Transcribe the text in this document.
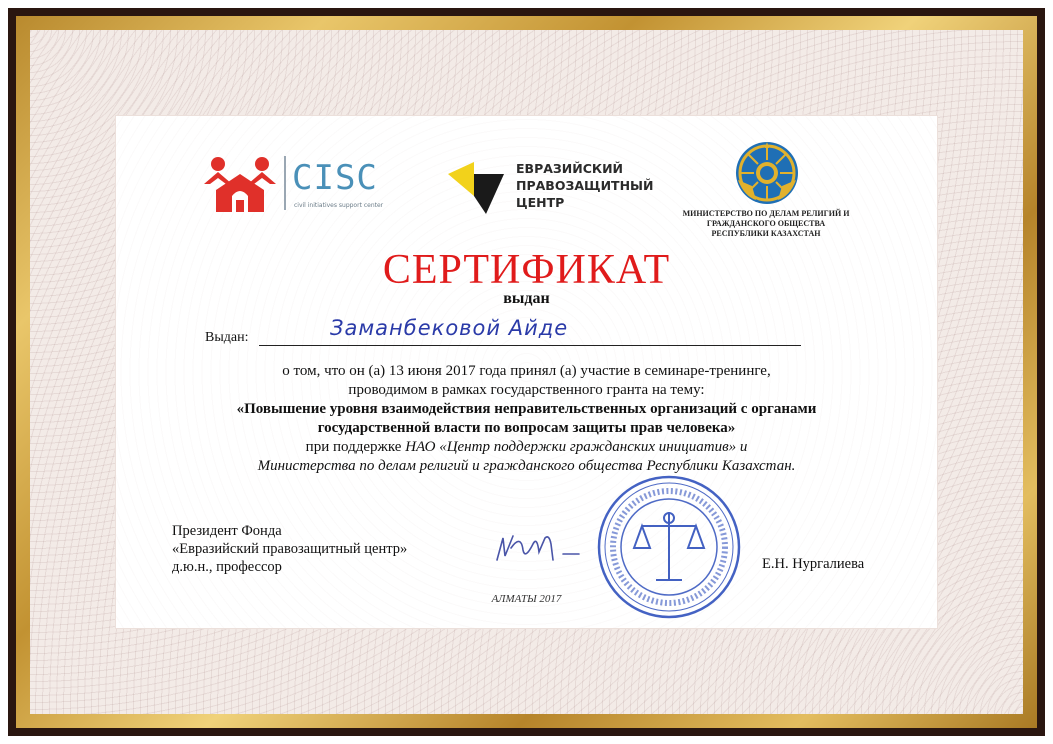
CISC
civil initiatives support center
ЕВРАЗИЙСКИЙ
ПРАВОЗАЩИТНЫЙ
ЦЕНТР
МИНИСТЕРСТВО ПО ДЕЛАМ РЕЛИГИЙ И
ГРАЖДАНСКОГО ОБЩЕСТВА
РЕСПУБЛИКИ КАЗАХСТАН
СЕРТИФИКАТ
выдан
Выдан:	Заманбековой Айде
о том, что он (а) 13 июня 2017 года принял (а) участие в семинаре-тренинге,
проводимом в рамках государственного гранта на тему:
«Повышение уровня взаимодействия неправительственных организаций с органами
государственной власти по вопросам защиты прав человека»
при поддержке НАО «Центр поддержки гражданских инициатив» и
Министерства по делам религий и гражданского общества Республики Казахстан.
Президент Фонда
«Евразийский правозащитный центр»
д.ю.н., профессор	Е.Н. Нургалиева
АЛМАТЫ 2017
